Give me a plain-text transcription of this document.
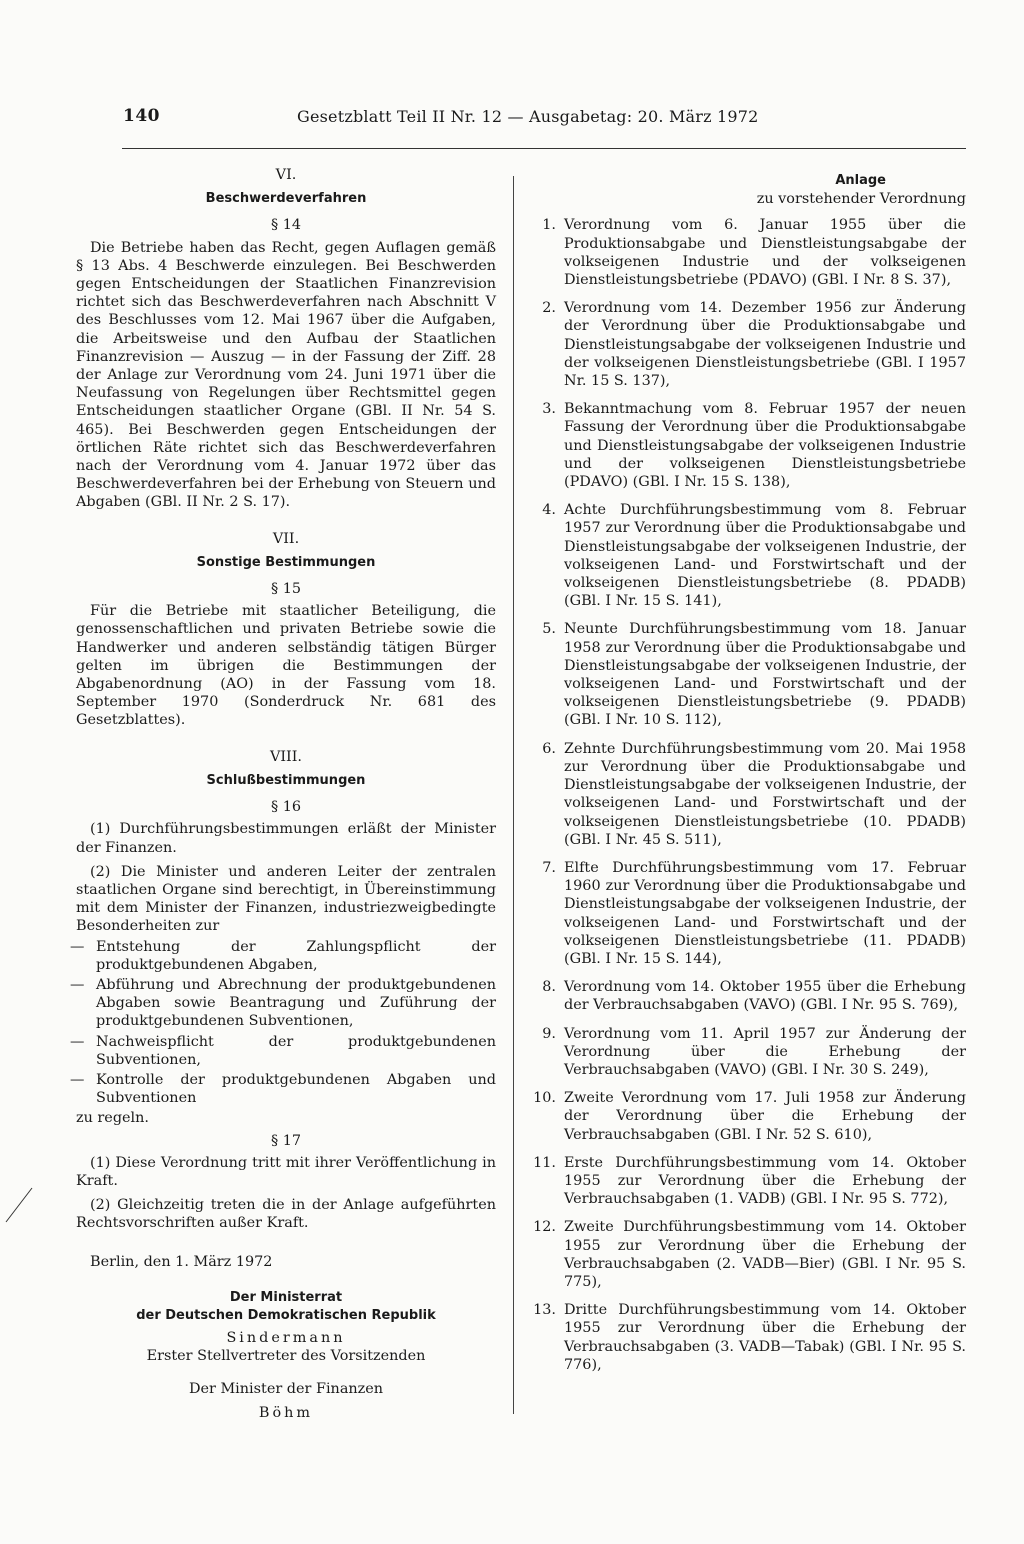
140	Gesetzblatt Teil II Nr. 12 — Ausgabetag: 20. März 1972
VI.
Beschwerdeverfahren
§ 14

Die Betriebe haben das Recht, gegen Auflagen gemäß § 13 Abs. 4 Beschwerde einzulegen. Bei Beschwerden gegen Entscheidungen der Staatlichen Finanzrevision richtet sich das Beschwerdeverfahren nach Abschnitt V des Beschlusses vom 12. Mai 1967 über die Aufgaben, die Arbeitsweise und den Aufbau der Staatlichen Finanzrevision — Auszug — in der Fassung der Ziff. 28 der Anlage zur Verordnung vom 24. Juni 1971 über die Neufassung von Regelungen über Rechtsmittel gegen Entscheidungen staatlicher Organe (GBl. II Nr. 54 S. 465). Bei Beschwerden gegen Entscheidungen der örtlichen Räte richtet sich das Beschwerdeverfahren nach der Verordnung vom 4. Januar 1972 über das Beschwerdeverfahren bei der Erhebung von Steuern und Abgaben (GBl. II Nr. 2 S. 17).

VII.
Sonstige Bestimmungen
§ 15

Für die Betriebe mit staatlicher Beteiligung, die genossenschaftlichen und privaten Betriebe sowie die Handwerker und anderen selbständig tätigen Bürger gelten im übrigen die Bestimmungen der Abgabenordnung (AO) in der Fassung vom 18. September 1970 (Sonderdruck Nr. 681 des Gesetzblattes).

VIII.
Schlußbestimmungen
§ 16

(1) Durchführungsbestimmungen erläßt der Minister der Finanzen.

(2) Die Minister und anderen Leiter der zentralen staatlichen Organe sind berechtigt, in Übereinstimmung mit dem Minister der Finanzen, industriezweigbedingte Besonderheiten zur

— Entstehung der Zahlungspflicht der produktgebundenen Abgaben,
— Abführung und Abrechnung der produktgebundenen Abgaben sowie Beantragung und Zuführung der produktgebundenen Subventionen,
— Nachweispflicht der produktgebundenen Subventionen,
— Kontrolle der produktgebundenen Abgaben und Subventionen

zu regeln.

§ 17

(1) Diese Verordnung tritt mit ihrer Veröffentlichung in Kraft.

(2) Gleichzeitig treten die in der Anlage aufgeführten Rechtsvorschriften außer Kraft.

Berlin, den 1. März 1972

Der Ministerrat
der Deutschen Demokratischen Republik
Sindermann
Erster Stellvertreter des Vorsitzenden
Der Minister der Finanzen
Böhm
Anlage
zu vorstehender Verordnung
1. Verordnung vom 6. Januar 1955 über die Produktionsabgabe und Dienstleistungsabgabe der volkseigenen Industrie und der volkseigenen Dienstleistungsbetriebe (PDAVO) (GBl. I Nr. 8 S. 37),
2. Verordnung vom 14. Dezember 1956 zur Änderung der Verordnung über die Produktionsabgabe und Dienstleistungsabgabe der volkseigenen Industrie und der volkseigenen Dienstleistungsbetriebe (GBl. I 1957 Nr. 15 S. 137),
3. Bekanntmachung vom 8. Februar 1957 der neuen Fassung der Verordnung über die Produktionsabgabe und Dienstleistungsabgabe der volkseigenen Industrie und der volkseigenen Dienstleistungsbetriebe (PDAVO) (GBl. I Nr. 15 S. 138),
4. Achte Durchführungsbestimmung vom 8. Februar 1957 zur Verordnung über die Produktionsabgabe und Dienstleistungsabgabe der volkseigenen Industrie, der volkseigenen Land- und Forstwirtschaft und der volkseigenen Dienstleistungsbetriebe (8. PDADB) (GBl. I Nr. 15 S. 141),
5. Neunte Durchführungsbestimmung vom 18. Januar 1958 zur Verordnung über die Produktionsabgabe und Dienstleistungsabgabe der volkseigenen Industrie, der volkseigenen Land- und Forstwirtschaft und der volkseigenen Dienstleistungsbetriebe (9. PDADB) (GBl. I Nr. 10 S. 112),
6. Zehnte Durchführungsbestimmung vom 20. Mai 1958 zur Verordnung über die Produktionsabgabe und Dienstleistungsabgabe der volkseigenen Industrie, der volkseigenen Land- und Forstwirtschaft und der volkseigenen Dienstleistungsbetriebe (10. PDADB) (GBl. I Nr. 45 S. 511),
7. Elfte Durchführungsbestimmung vom 17. Februar 1960 zur Verordnung über die Produktionsabgabe und Dienstleistungsabgabe der volkseigenen Industrie, der volkseigenen Land- und Forstwirtschaft und der volkseigenen Dienstleistungsbetriebe (11. PDADB) (GBl. I Nr. 15 S. 144),
8. Verordnung vom 14. Oktober 1955 über die Erhebung der Verbrauchsabgaben (VAVO) (GBl. I Nr. 95 S. 769),
9. Verordnung vom 11. April 1957 zur Änderung der Verordnung über die Erhebung der Verbrauchsabgaben (VAVO) (GBl. I Nr. 30 S. 249),
10. Zweite Verordnung vom 17. Juli 1958 zur Änderung der Verordnung über die Erhebung der Verbrauchsabgaben (GBl. I Nr. 52 S. 610),
11. Erste Durchführungsbestimmung vom 14. Oktober 1955 zur Verordnung über die Erhebung der Verbrauchsabgaben (1. VADB) (GBl. I Nr. 95 S. 772),
12. Zweite Durchführungsbestimmung vom 14. Oktober 1955 zur Verordnung über die Erhebung der Verbrauchsabgaben (2. VADB—Bier) (GBl. I Nr. 95 S. 775),
13. Dritte Durchführungsbestimmung vom 14. Oktober 1955 zur Verordnung über die Erhebung der Verbrauchsabgaben (3. VADB—Tabak) (GBl. I Nr. 95 S. 776),
